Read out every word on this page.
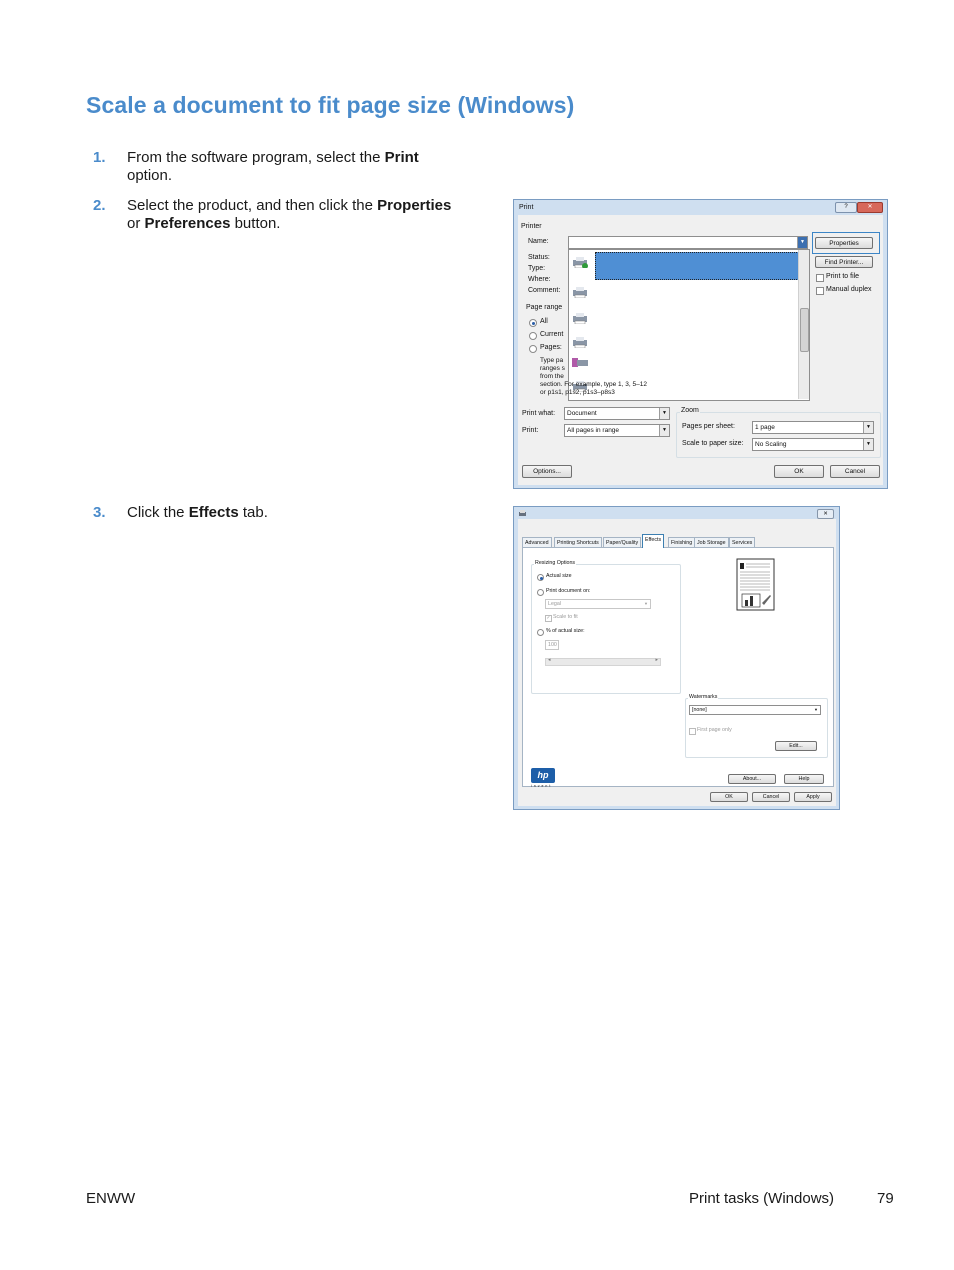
Scale a document to fit page size (Windows)
1. From the software program, select the Print option.
2. Select the product, and then click the Properties or Preferences button.
3. Click the Effects tab.
Print	?	✕
Printer
Name:
Status:
Type:
Where:
Comment:
▼	Properties
Find Printer...
Print to file
Manual duplex
Page range
All
Current
Pages:
Type pa
ranges s
from the
section. For example, type 1, 3, 5–12
or p1s1, p1s2, p1s3–p8s3
Print what:	Document	▼
Print:	All pages in range	▼
Zoom
Pages per sheet:	1 page	▼
Scale to paper size:	No Scaling	▼
Options...	OK	Cancel
✕
Advanced	Printing Shortcuts	Paper/Quality	Effects	Finishing Job Storage	Services
Resizing Options
Actual size
Print document on:
Legal	▼
✓ Scale to fit
% of actual size:
100
◂	▸
Watermarks
[none]	▼
First page only
Edit...
hp
invent
About...	Help
OK	Cancel	Apply
ENWW	Print tasks (Windows)	79
